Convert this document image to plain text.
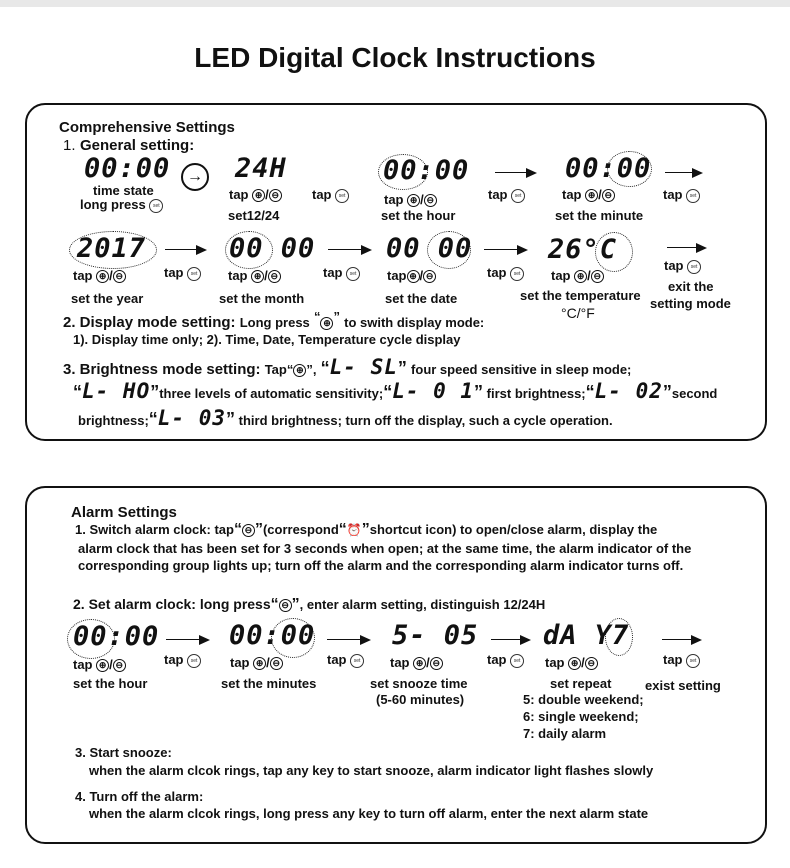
LED Digital Clock Instructions
Comprehensive Settings
1. General setting:
00:00
time state
long press set
→ 24H
tap ⊕ / ⊖
set12/24
tap set
00:00
tap ⊕ / ⊖
set the hour
tap set
00:00
tap ⊕ / ⊖
set the minute
tap set
2017
tap ⊕ / ⊖	tap set
set the year
00 00
tap ⊕ / ⊖	tap set
set the month
00 00
tap ⊕ / ⊖	tap set
set the date
26°C
tap ⊕ / ⊖
set the temperature
°C/°F
tap set
exit the
setting mode
2. Display mode setting: Long press “ ⊕ ” to swith display mode:
1). Display time only; 2). Time, Date, Temperature cycle display
3. Brightness mode setting: Tap“ ⊕ ”, “L- SL” four speed sensitive in sleep mode;
“L- HO”three levels of automatic sensitivity;“L- 0 1” first brightness;“L- 02”second
brightness;“L- 03” third brightness; turn off the display, such a cycle operation.
Alarm Settings
1. Switch alarm clock: tap“ ⊖ ”(correspond“⏰”shortcut icon) to open/close alarm, display the
alarm clock that has been set for 3 seconds when open; at the same time, the alarm indicator of the
corresponding group lights up; turn off the alarm and the corresponding alarm indicator turns off.
2. Set alarm clock: long press“ ⊖ ”, enter alarm setting, distinguish 12/24H
00:00
tap ⊕ / ⊖
set the hour
tap set
00:00
tap ⊕ / ⊖
set the minutes
tap set
5- 05
tap ⊕ / ⊖
set snooze time
(5-60 minutes)
tap set
dA Y7
tap ⊕ / ⊖
set repeat
5: double weekend;
6: single weekend;
7: daily alarm
tap set
exist setting
3. Start snooze:
when the alarm clcok rings, tap any key to start snooze, alarm indicator light flashes slowly
4. Turn off the alarm:
when the alarm clcok rings, long press any key to turn off alarm, enter the next alarm state
